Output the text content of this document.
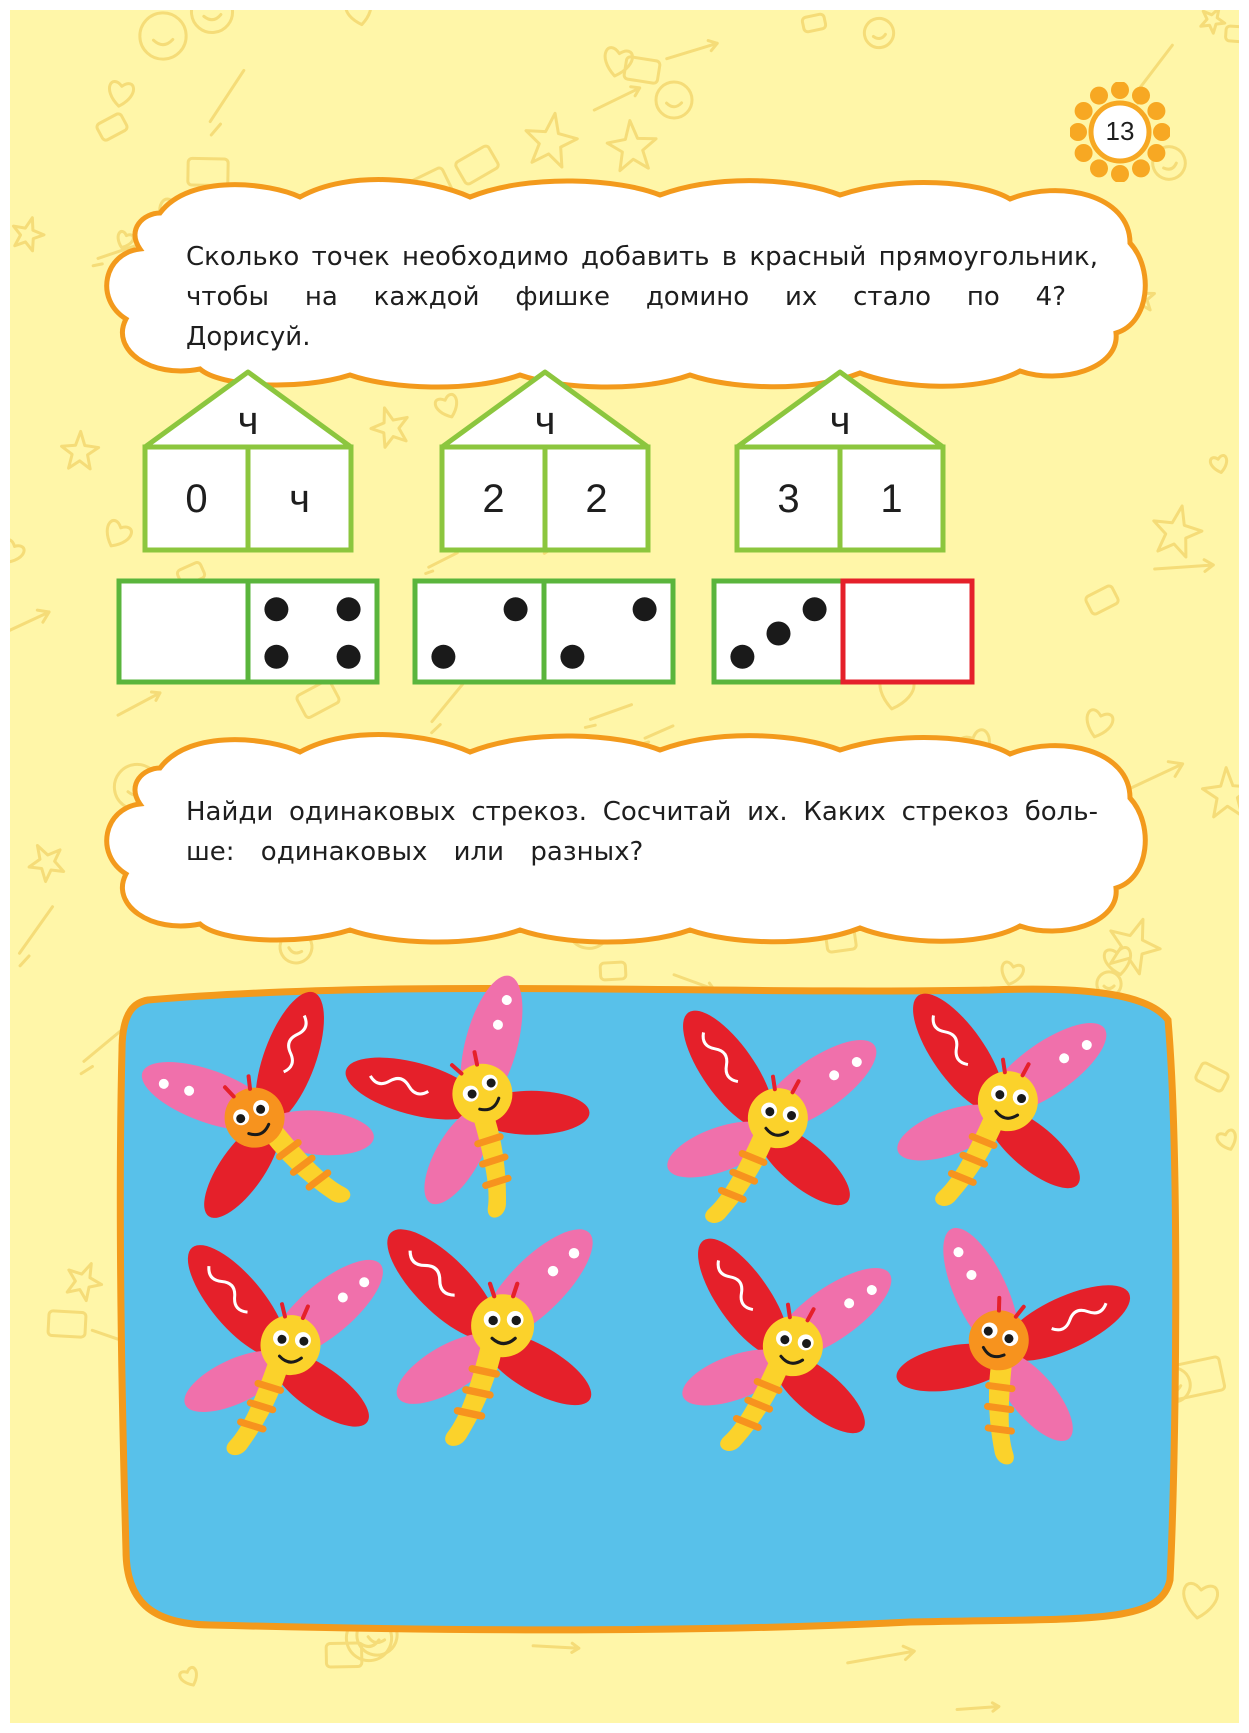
13
Сколько точек необходимо добавить в красный прямоугольник,
чтобы на каждой фишке домино их стало по 4? Дорисуй.
ч
0 ч
ч
2 2
ч
3 1
Найди одинаковых стрекоз. Сосчитай их. Каких стрекоз боль-
ше: одинаковых или разных?
